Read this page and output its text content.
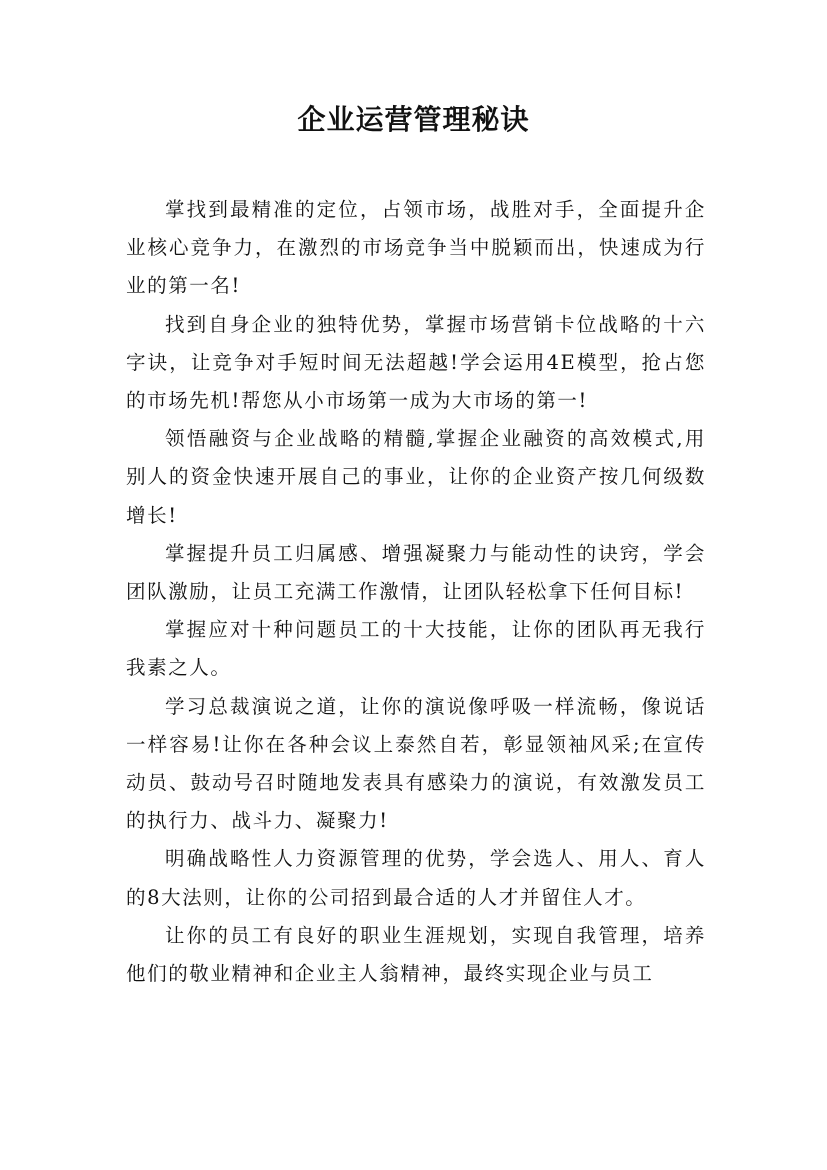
企业运营管理秘诀

掌找到最精准的定位，占领市场，战胜对手，全面提升企业核心竞争力，在激烈的市场竞争当中脱颖而出，快速成为行业的第一名!

找到自身企业的独特优势，掌握市场营销卡位战略的十六字诀，让竞争对手短时间无法超越!学会运用4E模型，抢占您的市场先机!帮您从小市场第一成为大市场的第一!

领悟融资与企业战略的精髓,掌握企业融资的高效模式,用别人的资金快速开展自己的事业，让你的企业资产按几何级数增长!

掌握提升员工归属感、增强凝聚力与能动性的诀窍，学会团队激励，让员工充满工作激情，让团队轻松拿下任何目标!

掌握应对十种问题员工的十大技能，让你的团队再无我行我素之人。

学习总裁演说之道，让你的演说像呼吸一样流畅，像说话一样容易!让你在各种会议上泰然自若，彰显领袖风采;在宣传动员、鼓动号召时随地发表具有感染力的演说，有效激发员工的执行力、战斗力、凝聚力!

明确战略性人力资源管理的优势，学会选人、用人、育人的8大法则，让你的公司招到最合适的人才并留住人才。

让你的员工有良好的职业生涯规划，实现自我管理，培养他们的敬业精神和企业主人翁精神，最终实现企业与员工
